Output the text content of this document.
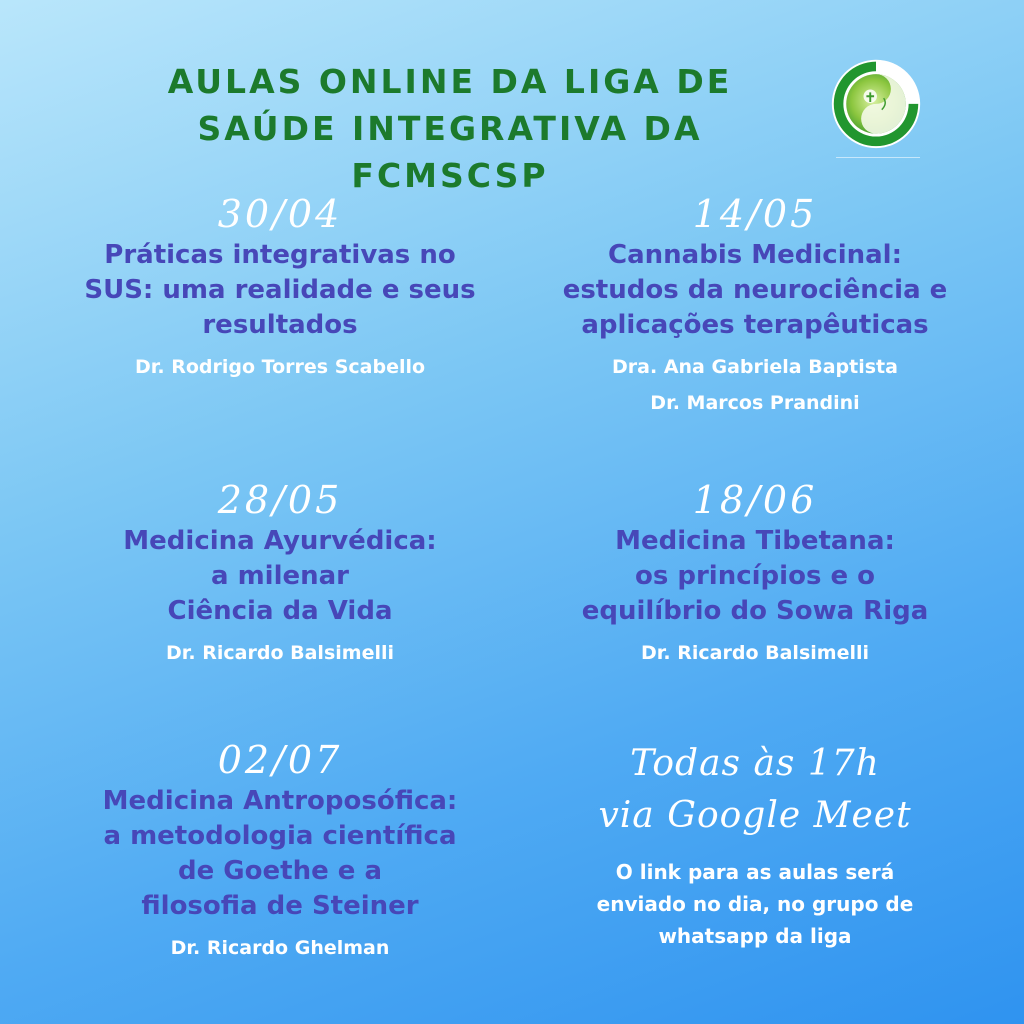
AULAS ONLINE DA LIGA DE
SAÚDE INTEGRATIVA DA FCMSCSP
30/04
Práticas integrativas no
SUS: uma realidade e seus
resultados
Dr. Rodrigo Torres Scabello
14/05
Cannabis Medicinal:
estudos da neurociência e
aplicações terapêuticas
Dra. Ana Gabriela Baptista
Dr. Marcos Prandini
28/05
Medicina Ayurvédica:
a milenar
Ciência da Vida
Dr. Ricardo Balsimelli
18/06
Medicina Tibetana:
os princípios e o
equilíbrio do Sowa Riga
Dr. Ricardo Balsimelli
02/07
Medicina Antroposófica:
a metodologia científica
de Goethe e a
filosofia de Steiner
Dr. Ricardo Ghelman
Todas às 17h
via Google Meet
O link para as aulas será
enviado no dia, no grupo de
whatsapp da liga
